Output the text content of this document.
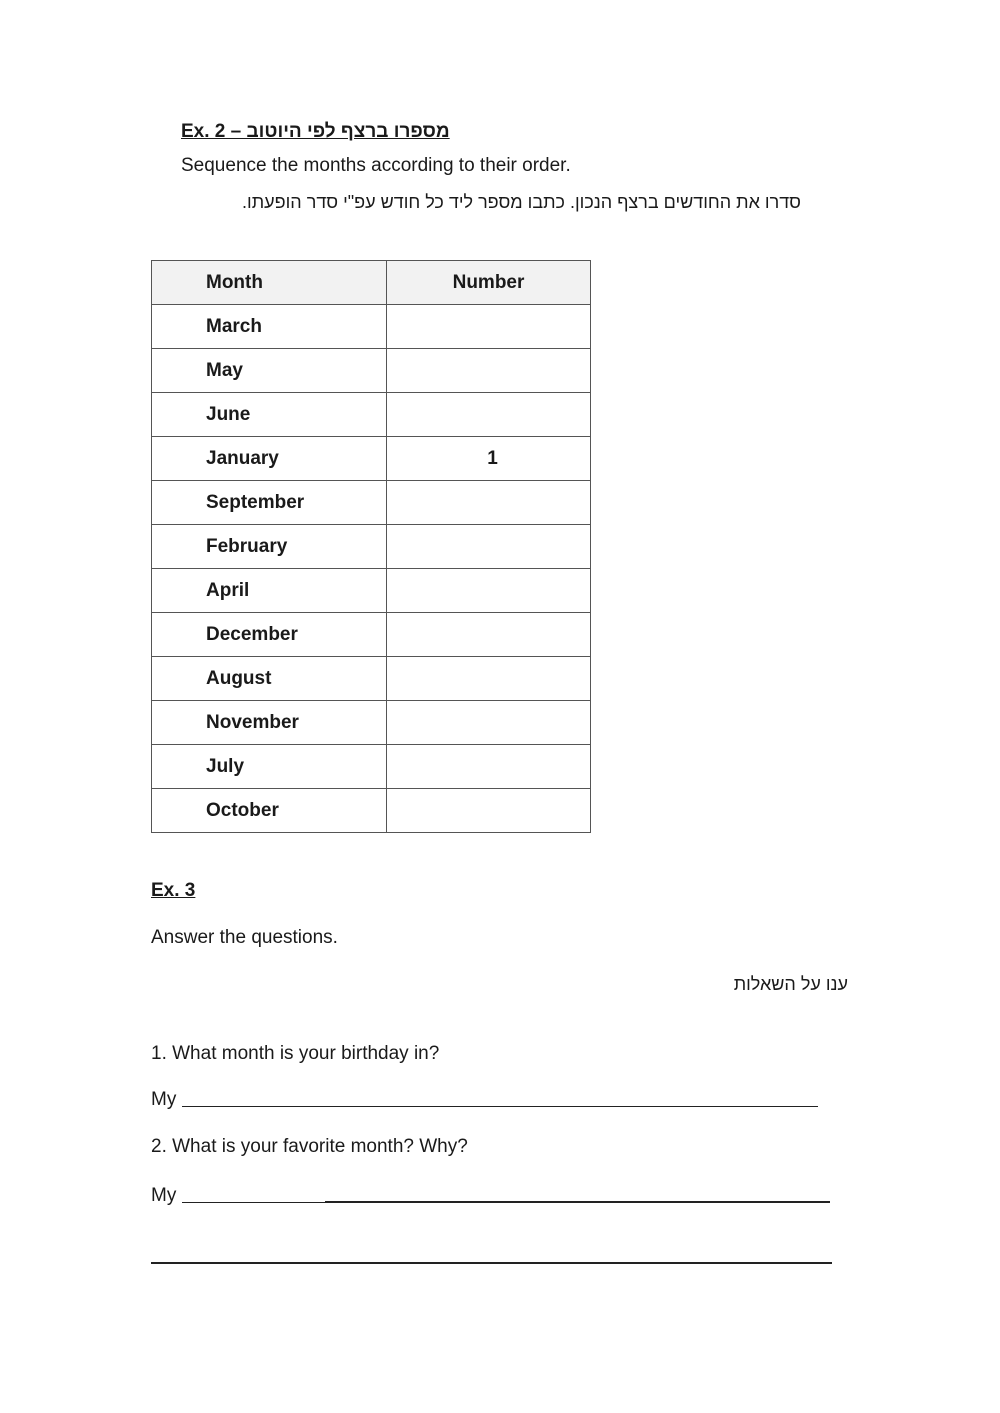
Ex. 2 – מספרו ברצף לפי היוטוב
Sequence the months according to their order.
סדרו את החודשים ברצף הנכון. כתבו מספר ליד כל חודש עפ"י סדר הופעתו.
Month	Number
March	
May	
June	
January	1
September	
February	
April	
December	
August	
November	
July	
October	
Ex. 3
Answer the questions.
ענו על השאלות
1. What month is your birthday in?
My
2. What is your favorite month? Why?
My
